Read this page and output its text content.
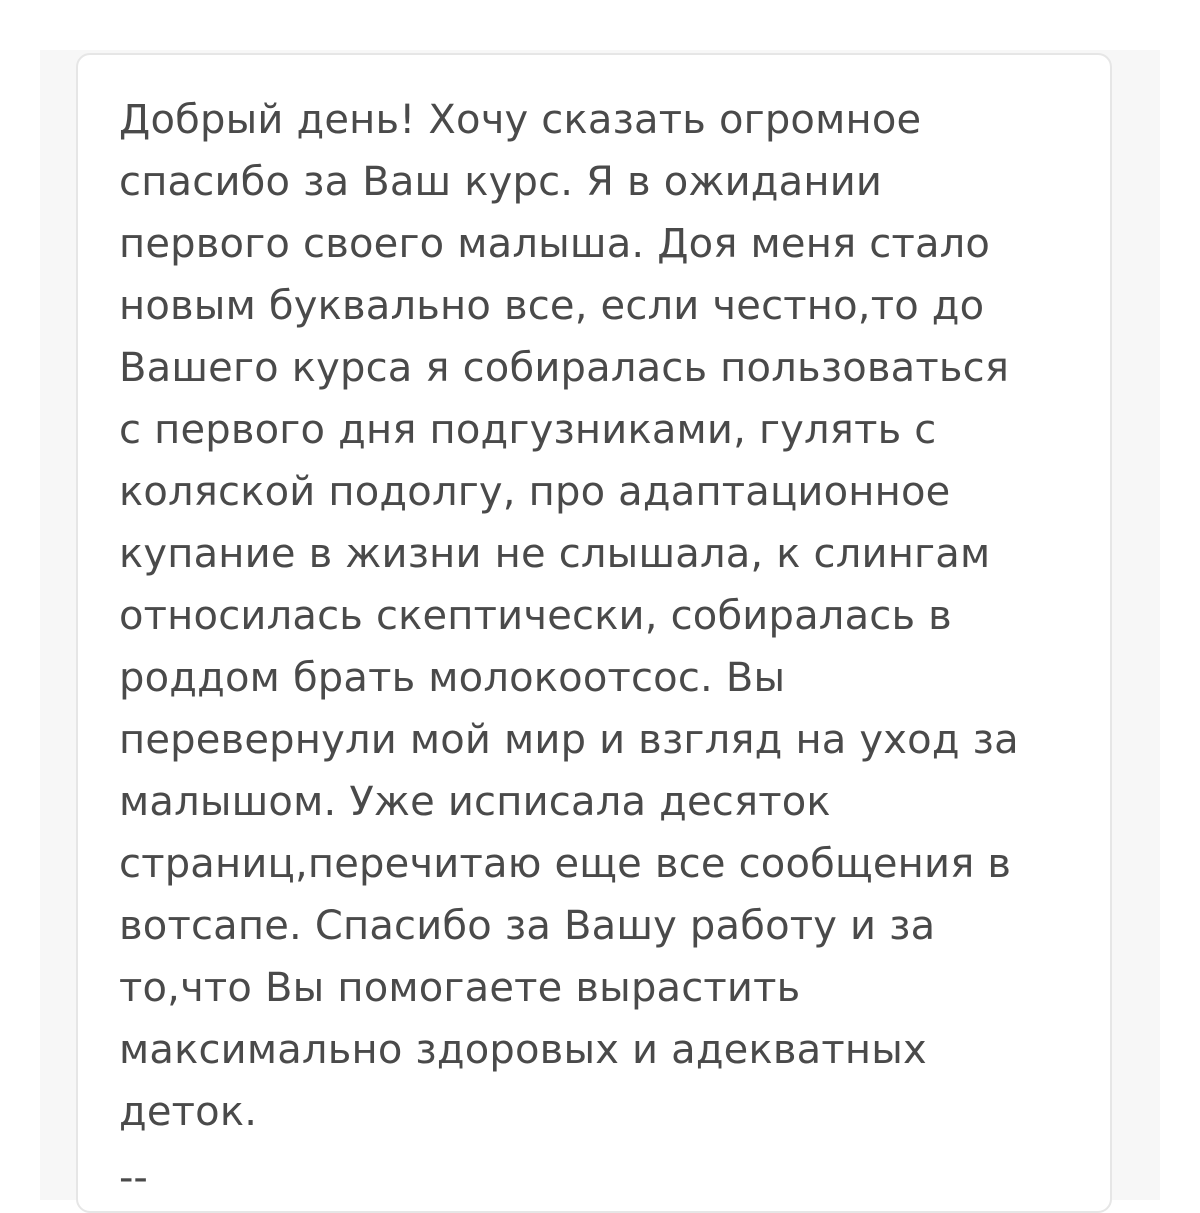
Добрый день! Хочу сказать огромное
спасибо за Ваш курс. Я в ожидании
первого своего малыша. Доя меня стало
новым буквально все, если честно,то до
Вашего курса я собиралась пользоваться
с первого дня подгузниками, гулять с
коляской подолгу, про адаптационное
купание в жизни не слышала, к слингам
относилась скептически, собиралась в
роддом брать молокоотсос. Вы
перевернули мой мир и взгляд на уход за
малышом. Уже исписала десяток
страниц,перечитаю еще все сообщения в
вотсапе. Спасибо за Вашу работу и за
то,что Вы помогаете вырастить
максимально здоровых и адекватных
деток.

--
